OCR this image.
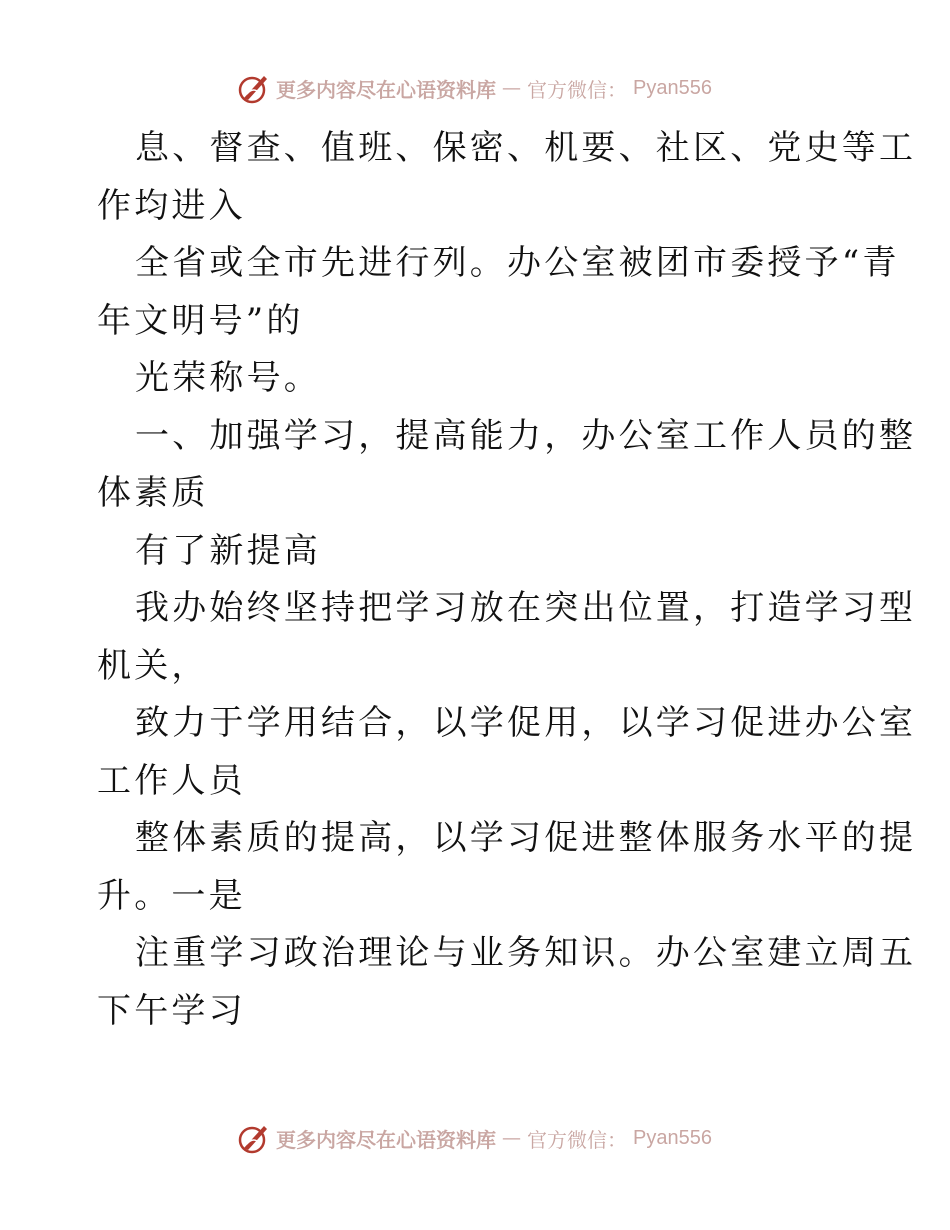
更多内容尽在心语资料库 — 官方微信： Pyan556
息、督查、值班、保密、机要、社区、党史等工
作均进入
全省或全市先进行列。办公室被团市委授予“青
年文明号”的
光荣称号。
一、加强学习，提高能力，办公室工作人员的整
体素质
有了新提高
我办始终坚持把学习放在突出位置，打造学习型
机关，
致力于学用结合，以学促用，以学习促进办公室
工作人员
整体素质的提高，以学习促进整体服务水平的提
升。一是
注重学习政治理论与业务知识。办公室建立周五
下午学习
更多内容尽在心语资料库 — 官方微信： Pyan556
